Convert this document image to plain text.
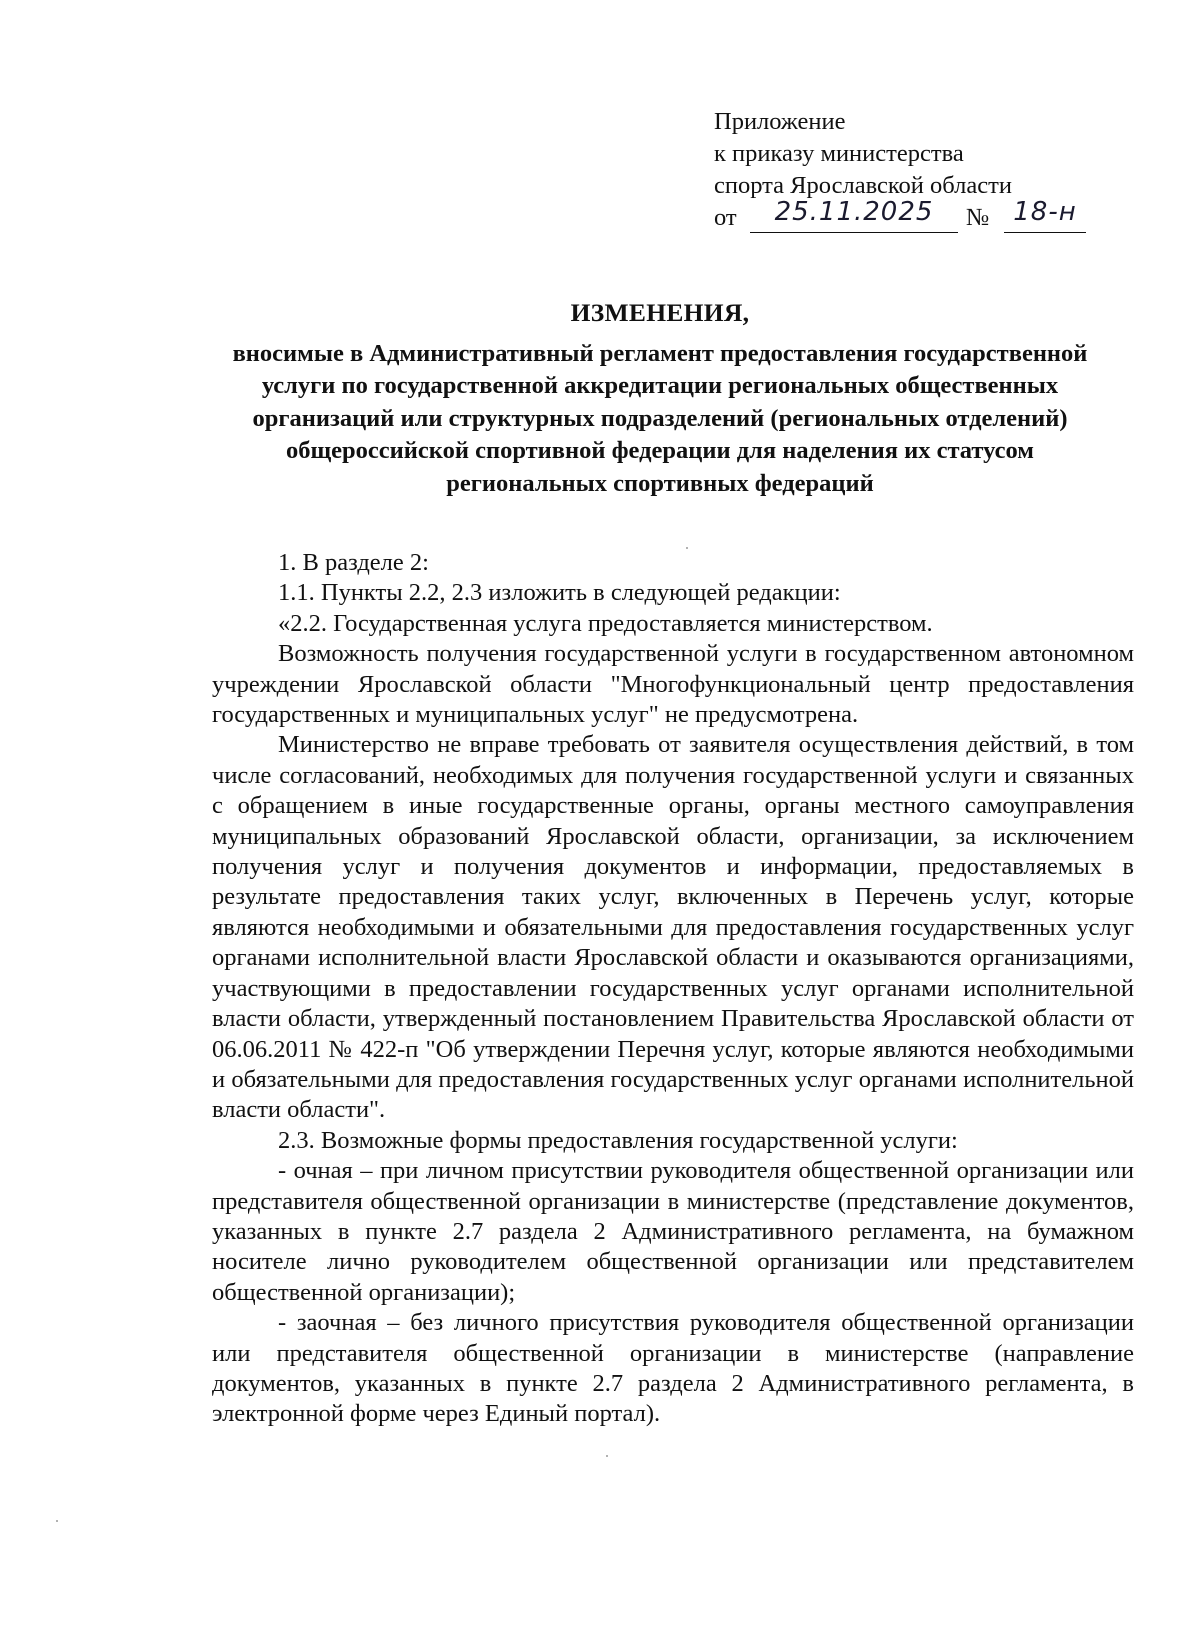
Приложение
к приказу министерства
спорта Ярославской области
от	25.11.2025	№ 18-н
ИЗМЕНЕНИЯ,
вносимые в Административный регламент предоставления государственной услуги по государственной аккредитации региональных общественных организаций или структурных подразделений (региональных отделений) общероссийской спортивной федерации для наделения их статусом региональных спортивных федераций

1. В разделе 2:

1.1. Пункты 2.2, 2.3 изложить в следующей редакции:

«2.2. Государственная услуга предоставляется министерством.

Возможность получения государственной услуги в государственном автономном учреждении Ярославской области "Многофункциональный центр предоставления государственных и муниципальных услуг" не предусмотрена.

Министерство не вправе требовать от заявителя осуществления действий, в том числе согласований, необходимых для получения государственной услуги и связанных с обращением в иные государственные органы, органы местного самоуправления муниципальных образований Ярославской области, организации, за исключением получения услуг и получения документов и информации, предоставляемых в результате предоставления таких услуг, включенных в Перечень услуг, которые являются необходимыми и обязательными для предоставления государственных услуг органами исполнительной власти Ярославской области и оказываются организациями, участвующими в предоставлении государственных услуг органами исполнительной власти области, утвержденный постановлением Правительства Ярославской области от 06.06.2011 № 422-п "Об утверждении Перечня услуг, которые являются необходимыми и обязательными для предоставления государственных услуг органами исполнительной власти области".

2.3. Возможные формы предоставления государственной услуги:

- очная – при личном присутствии руководителя общественной организации или представителя общественной организации в министерстве (представление документов, указанных в пункте 2.7 раздела 2 Административного регламента, на бумажном носителе лично руководителем общественной организации или представителем общественной организации);

- заочная – без личного присутствия руководителя общественной организации или представителя общественной организации в министерстве (направление документов, указанных в пункте 2.7 раздела 2 Административного регламента, в электронной форме через Единый портал).
